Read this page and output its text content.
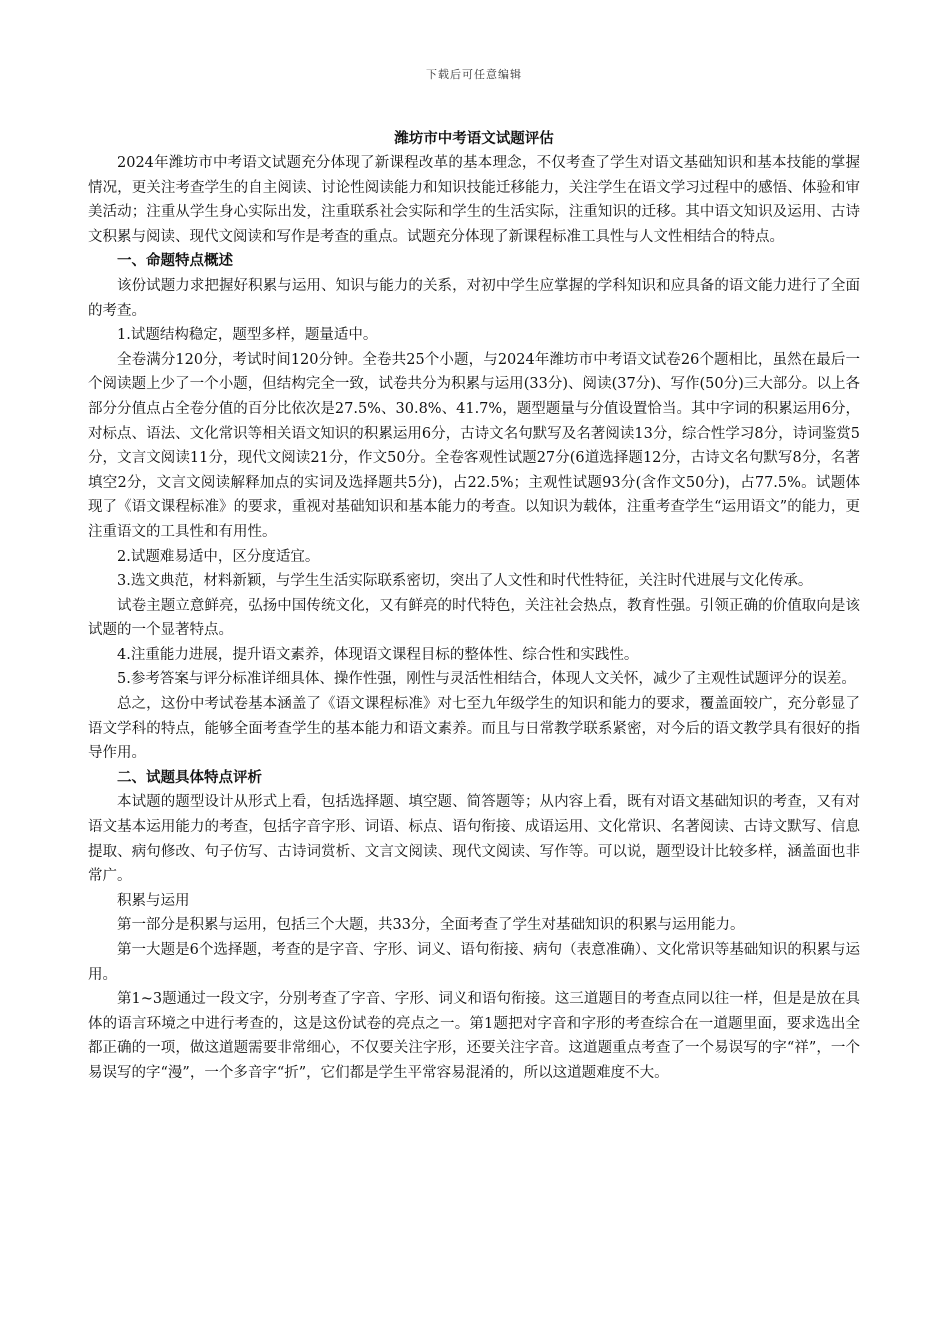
下载后可任意编辑
潍坊市中考语文试题评估

2024年潍坊市中考语文试题充分体现了新课程改革的基本理念，不仅考查了学生对语文基础知识和基本技能的掌握情况，更关注考查学生的自主阅读、讨论性阅读能力和知识技能迁移能力，关注学生在语文学习过程中的感悟、体验和审美活动；注重从学生身心实际出发，注重联系社会实际和学生的生活实际，注重知识的迁移。其中语文知识及运用、古诗文积累与阅读、现代文阅读和写作是考查的重点。试题充分体现了新课程标准工具性与人文性相结合的特点。

一、命题特点概述

该份试题力求把握好积累与运用、知识与能力的关系，对初中学生应掌握的学科知识和应具备的语文能力进行了全面的考查。

1.试题结构稳定，题型多样，题量适中。

全卷满分120分，考试时间120分钟。全卷共25个小题，与2024年潍坊市中考语文试卷26个题相比，虽然在最后一个阅读题上少了一个小题，但结构完全一致，试卷共分为积累与运用(33分)、阅读(37分)、写作(50分)三大部分。以上各部分分值点占全卷分值的百分比依次是27.5%、30.8%、41.7%，题型题量与分值设置恰当。其中字词的积累运用6分，对标点、语法、文化常识等相关语文知识的积累运用6分，古诗文名句默写及名著阅读13分，综合性学习8分，诗词鉴赏5分，文言文阅读11分，现代文阅读21分，作文50分。全卷客观性试题27分(6道选择题12分，古诗文名句默写8分，名著填空2分，文言文阅读解释加点的实词及选择题共5分)，占22.5%；主观性试题93分(含作文50分)，占77.5%。试题体现了《语文课程标准》的要求，重视对基础知识和基本能力的考查。以知识为载体，注重考查学生“运用语文”的能力，更注重语文的工具性和有用性。

2.试题难易适中，区分度适宜。

3.选文典范，材料新颖，与学生生活实际联系密切，突出了人文性和时代性特征，关注时代进展与文化传承。

试卷主题立意鲜亮，弘扬中国传统文化，又有鲜亮的时代特色，关注社会热点，教育性强。引领正确的价值取向是该试题的一个显著特点。

4.注重能力进展，提升语文素养，体现语文课程目标的整体性、综合性和实践性。

5.参考答案与评分标准详细具体、操作性强，刚性与灵活性相结合，体现人文关怀，减少了主观性试题评分的误差。

总之，这份中考试卷基本涵盖了《语文课程标准》对七至九年级学生的知识和能力的要求，覆盖面较广，充分彰显了语文学科的特点，能够全面考查学生的基本能力和语文素养。而且与日常教学联系紧密，对今后的语文教学具有很好的指导作用。

二、试题具体特点评析

本试题的题型设计从形式上看，包括选择题、填空题、简答题等；从内容上看，既有对语文基础知识的考查，又有对语文基本运用能力的考查，包括字音字形、词语、标点、语句衔接、成语运用、文化常识、名著阅读、古诗文默写、信息提取、病句修改、句子仿写、古诗词赏析、文言文阅读、现代文阅读、写作等。可以说，题型设计比较多样，涵盖面也非常广。

积累与运用

第一部分是积累与运用，包括三个大题，共33分，全面考查了学生对基础知识的积累与运用能力。

第一大题是6个选择题，考查的是字音、字形、词义、语句衔接、病句（表意准确）、文化常识等基础知识的积累与运用。

第1~3题通过一段文字，分别考查了字音、字形、词义和语句衔接。这三道题目的考查点同以往一样，但是是放在具体的语言环境之中进行考查的，这是这份试卷的亮点之一。第1题把对字音和字形的考查综合在一道题里面，要求选出全都正确的一项，做这道题需要非常细心，不仅要关注字形，还要关注字音。这道题重点考查了一个易误写的字“祥”，一个易误写的字“漫”，一个多音字“折”，它们都是学生平常容易混淆的，所以这道题难度不大。
